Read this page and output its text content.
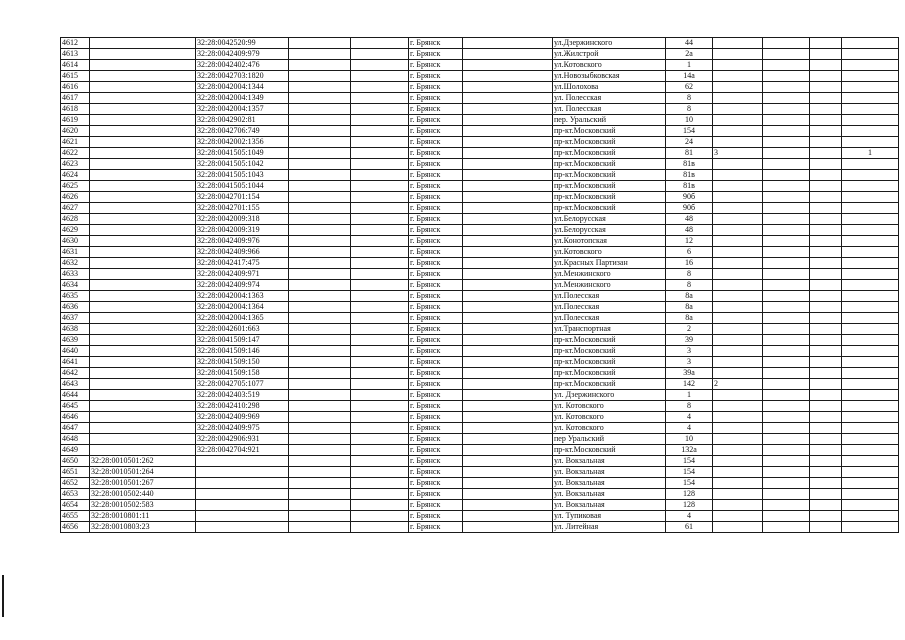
4612		32:28:0042520:99			г. Брянск		ул.Дзержинского	44				
4613		32:28:0042409:979			г. Брянск		ул.Жилстрой	2а				
4614		32:28:0042402:476			г. Брянск		ул.Котовского	1				
4615		32:28:0042703:1820			г. Брянск		ул.Новозыбковская	14а				
4616		32:28:0042004:1344			г. Брянск		ул.Шолохова	62				
4617		32:28:0042004:1349			г. Брянск		ул. Полесская	8				
4618		32:28:0042004:1357			г. Брянск		ул. Полесская	8				
4619		32:28:0042902:81			г. Брянск		пер. Уральский	10				
4620		32:28:0042706:749			г. Брянск		пр-кт.Московский	154				
4621		32:28:0042002:1356			г. Брянск		пр-кт.Московский	24				
4622		32:28:0041505:1049			г. Брянск		пр-кт.Московский	81	3			1
4623		32:28:0041505:1042			г. Брянск		пр-кт.Московский	81в				
4624		32:28:0041505:1043			г. Брянск		пр-кт.Московский	81в				
4625		32:28:0041505:1044			г. Брянск		пр-кт.Московский	81в				
4626		32:28:0042701:154			г. Брянск		пр-кт.Московский	90б				
4627		32:28:0042701:155			г. Брянск		пр-кт.Московский	90б				
4628		32:28:0042009:318			г. Брянск		ул.Белорусская	48				
4629		32:28:0042009:319			г. Брянск		ул.Белорусская	48				
4630		32:28:0042409:976			г. Брянск		ул.Конотопская	12				
4631		32:28:0042409:966			г. Брянск		ул.Котовского	6				
4632		32:28:0042417:475			г. Брянск		ул.Красных Партизан	16				
4633		32:28:0042409:971			г. Брянск		ул.Менжинского	8				
4634		32:28:0042409:974			г. Брянск		ул.Менжинского	8				
4635		32:28:0042004:1363			г. Брянск		ул.Полесская	8а				
4636		32:28:0042004:1364			г. Брянск		ул.Полесская	8а				
4637		32:28:0042004:1365			г. Брянск		ул.Полесская	8а				
4638		32:28:0042601:663			г. Брянск		ул.Транспортная	2				
4639		32:28:0041509:147			г. Брянск		пр-кт.Московский	39				
4640		32:28:0041509:146			г. Брянск		пр-кт.Московский	3				
4641		32:28:0041509:150			г. Брянск		пр-кт.Московский	3				
4642		32:28:0041509:158			г. Брянск		пр-кт.Московский	39а				
4643		32:28:0042705:1077			г. Брянск		пр-кт.Московский	142	2			
4644		32:28:0042403:519			г. Брянск		ул. Дзержинского	1				
4645		32:28:0042410:298			г. Брянск		ул. Котовского	8				
4646		32:28:0042409:969			г. Брянск		ул. Котовского	4				
4647		32:28:0042409:975			г. Брянск		ул. Котовского	4				
4648		32:28:0042906:931			г. Брянск		пер Уральский	10				
4649		32:28:0042704:921			г. Брянск		пр-кт.Московский	132а				
4650	32:28:0010501:262				г. Брянск		ул. Вокзальная	154				
4651	32:28:0010501:264				г. Брянск		ул. Вокзальная	154				
4652	32:28:0010501:267				г. Брянск		ул. Вокзальная	154				
4653	32:28:0010502:440				г. Брянск		ул. Вокзальная	128				
4654	32:28:0010502:583				г. Брянск		ул. Вокзальная	128				
4655	32:28:0010801:11				г. Брянск		ул. Тупиковая	4				
4656	32:28:0010803:23				г. Брянск		ул. Литейная	61				
